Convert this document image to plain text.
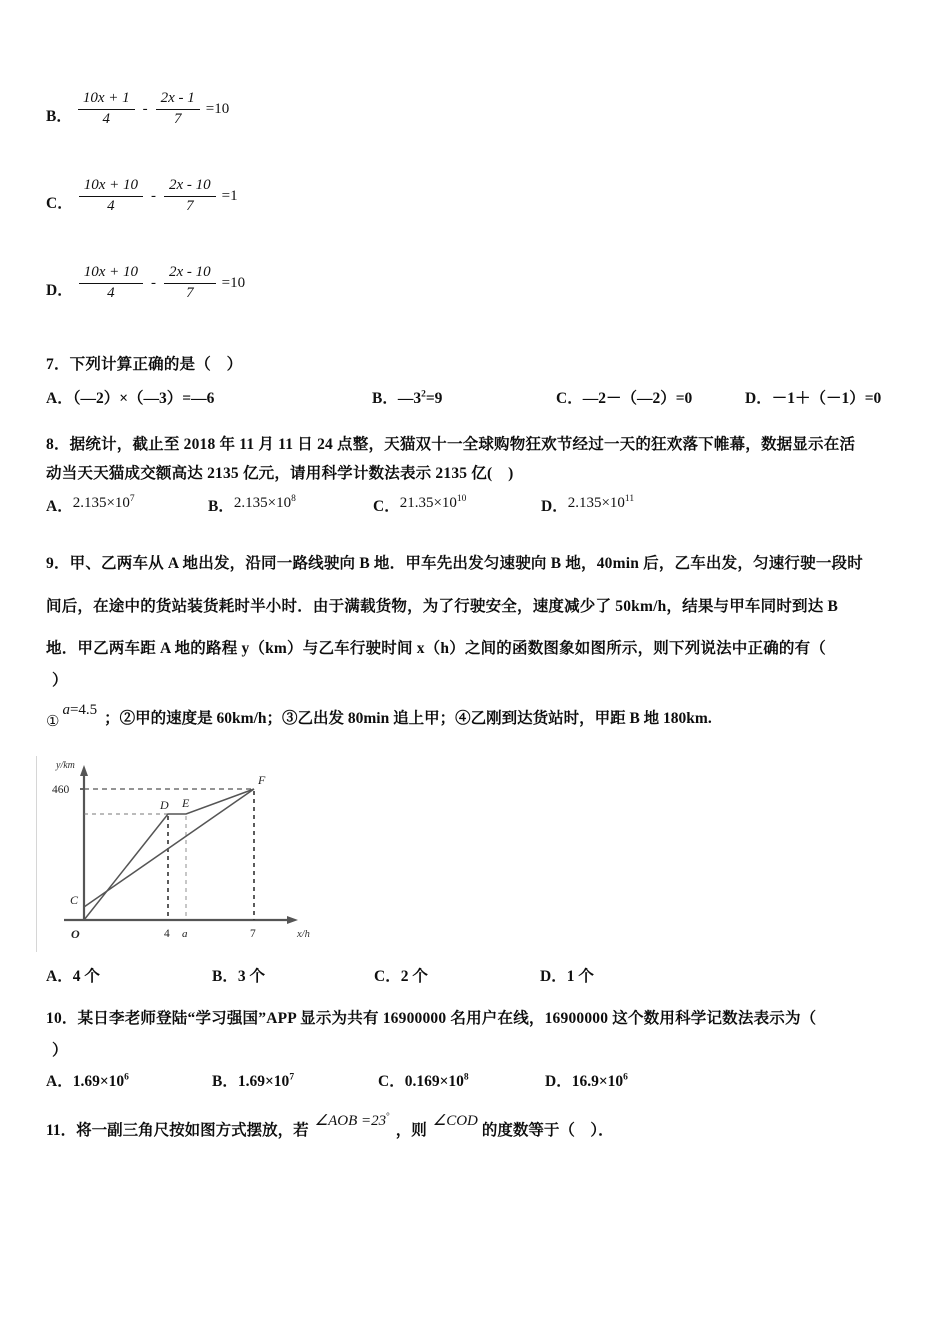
B． $\frac{10x + 1}{4} - \frac{2x - 1}{7} =10$
C． $\frac{10x + 10}{4} - \frac{2x - 10}{7} =1$
D． $\frac{10x + 10}{4} - \frac{2x - 10}{7} =10$
7．下列计算正确的是（　）
A．（—2）×（—3）=—6	B．$—3^2=9$	C．—2－（—2）=0	D．－1＋（－1）=0
8．据统计，截止至 2018 年 11 月 11 日 24 点整，天猫双十一全球购物狂欢节经过一天的狂欢落下帷幕，数据显示在活
动当天天猫成交额高达 2135 亿元，请用科学计数法表示 2135 亿(　)
A．$2.135\times 10^7$	B．$2.135\times 10^8$	C．$21.35\times 10^{10}$	D．$2.135\times 10^{11}$
9．甲、乙两车从 A 地出发，沿同一路线驶向 B 地．甲车先出发匀速驶向 B 地，40min 后，乙车出发，匀速行驶一段时
间后，在途中的货站装货耗时半小时．由于满载货物，为了行驶安全，速度减少了 50km/h，结果与甲车同时到达 B
地．甲乙两车距 A 地的路程 y（km）与乙车行驶时间 x（h）之间的函数图象如图所示，则下列说法中正确的有（
）
①a=4.5 ；②甲的速度是 60km/h；③乙出发 80min 追上甲；④乙刚到达货站时，甲距 B 地 180km.
y/km
460
x/h
O	4 a	7
C
D E
F
A．4 个	B．3 个	C．2 个	D．1 个
10．某日李老师登陆“学习强国”APP 显示为共有 16900000 名用户在线，16900000 这个数用科学记数法表示为（
）
A．$1.69\times 10^6$	B．$1.69\times 10^7$	C．$0.169\times 10^8$	D．$16.9\times 10^6$
11．将一副三角尺按如图方式摆放，若∠AOB =23°，则∠COD的度数等于（　）．
